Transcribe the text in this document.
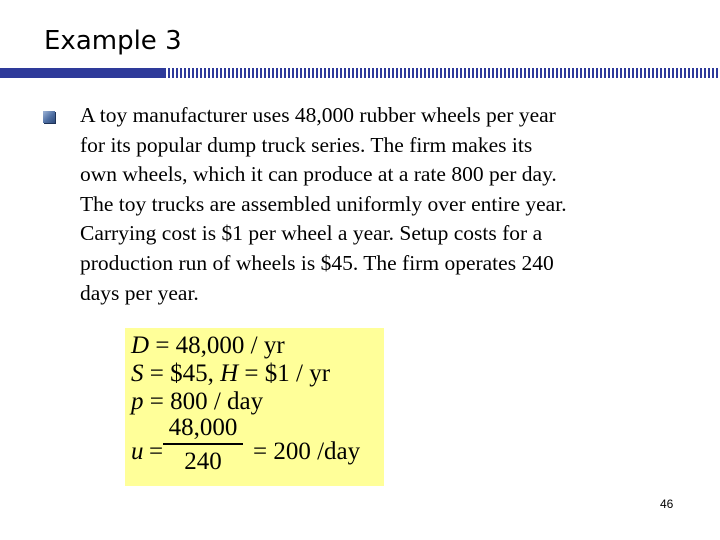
Example 3
A toy manufacturer uses 48,000 rubber wheels per year
for its popular dump truck series. The firm makes its
own wheels, which it can produce at a rate 800 per day.
The toy trucks are assembled uniformly over entire year.
Carrying cost is $1 per wheel a year. Setup costs for a
production run of wheels is $45. The firm operates 240
days per year.
D = 48,000 / yr
S = $45, H = $1 / yr
p = 800 / day
u =
48,000
240	= 200 /day
46
